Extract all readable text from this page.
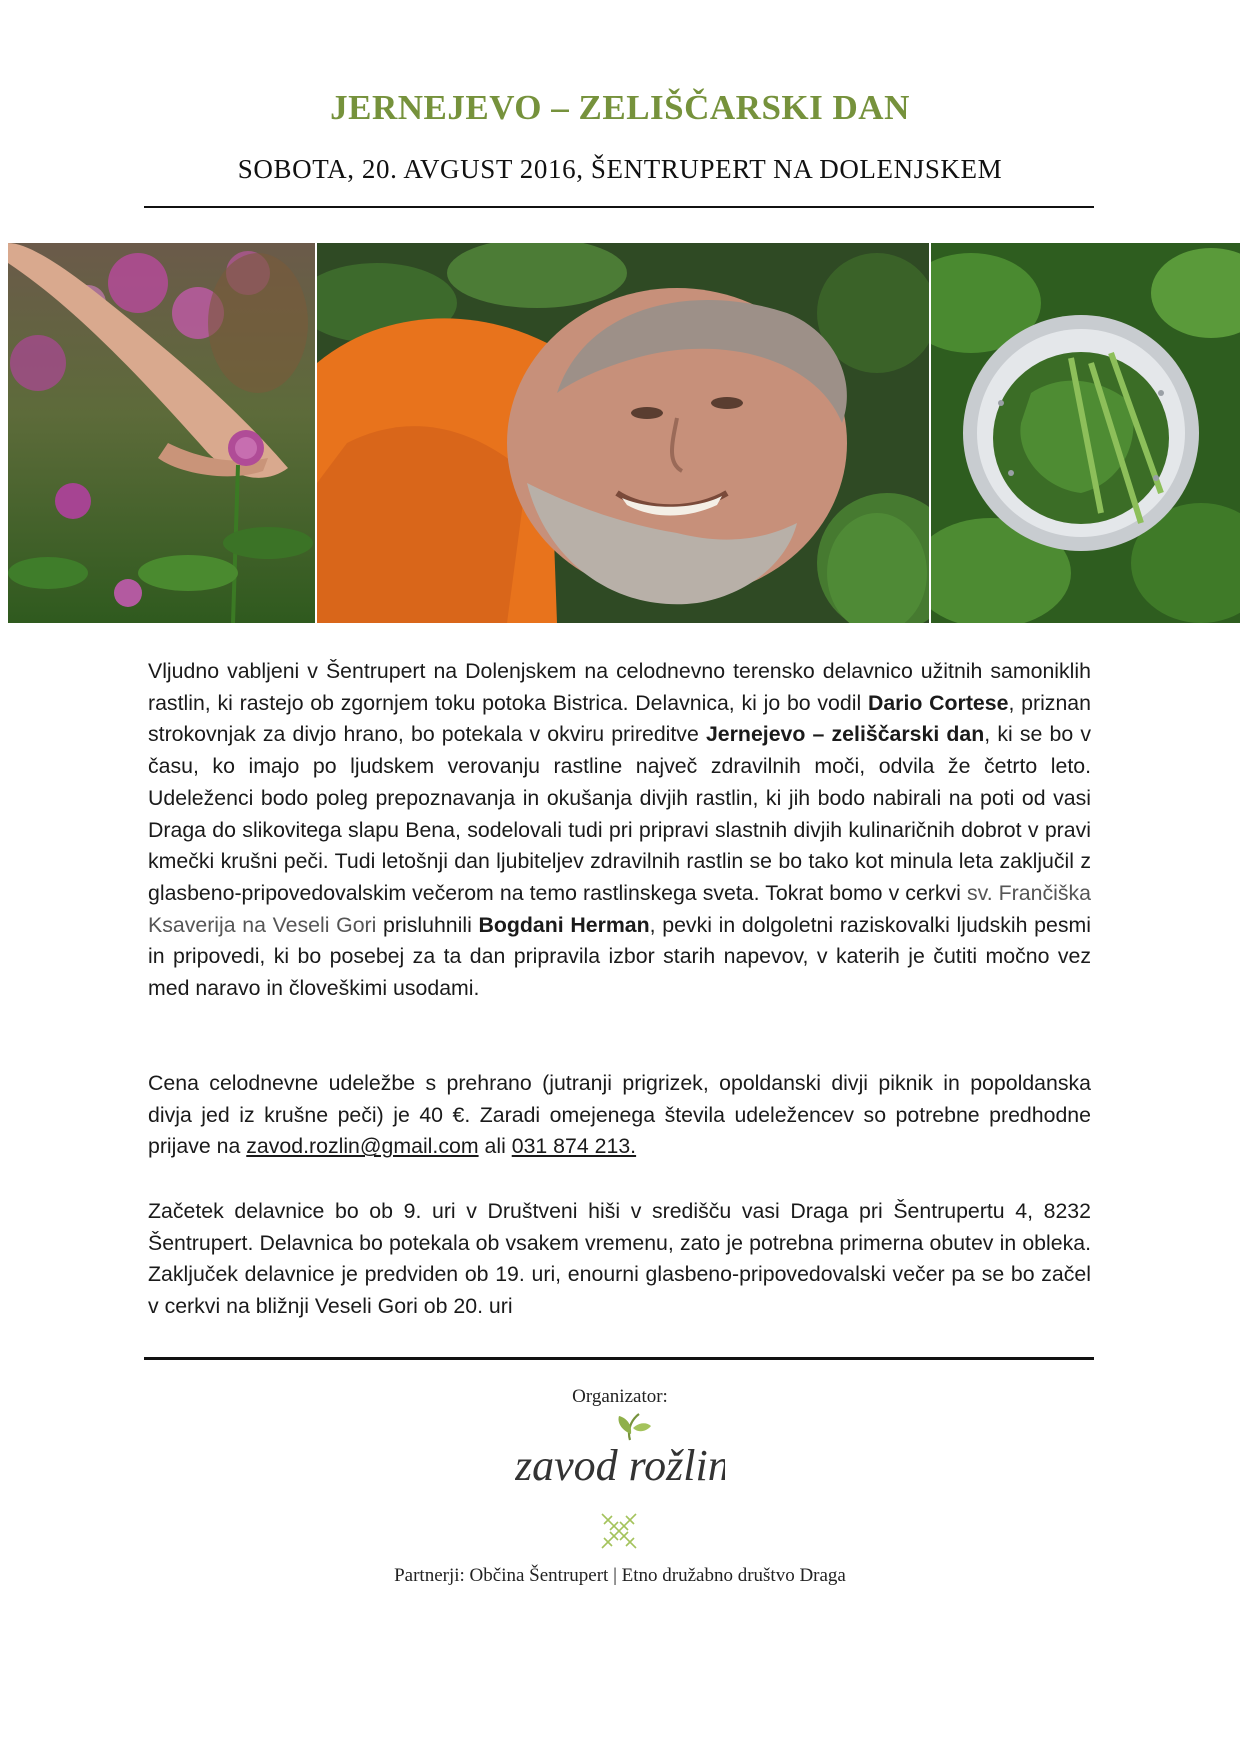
JERNEJEVO – ZELIŠČARSKI DAN
SOBOTA, 20. AVGUST 2016, ŠENTRUPERT NA DOLENJSKEM
Vljudno vabljeni v Šentrupert na Dolenjskem na celodnevno terensko delavnico užitnih samoniklih rastlin, ki rastejo ob zgornjem toku potoka Bistrica. Delavnica, ki jo bo vodil Dario Cortese, priznan strokovnjak za divjo hrano, bo potekala v okviru prireditve Jernejevo – zeliščarski dan, ki se bo v času, ko imajo po ljudskem verovanju rastline največ zdravilnih moči, odvila že četrto leto. Udeleženci bodo poleg prepoznavanja in okušanja divjih rastlin, ki jih bodo nabirali na poti od vasi Draga do slikovitega slapu Bena, sodelovali tudi pri pripravi slastnih divjih kulinaričnih dobrot v pravi kmečki krušni peči. Tudi letošnji dan ljubiteljev zdravilnih rastlin se bo tako kot minula leta zaključil z glasbeno-pripovedovalskim večerom na temo rastlinskega sveta. Tokrat bomo v cerkvi sv. Frančiška Ksaverija na Veseli Gori prisluhnili Bogdani Herman, pevki in dolgoletni raziskovalki ljudskih pesmi in pripovedi, ki bo posebej za ta dan pripravila izbor starih napevov, v katerih je čutiti močno vez med naravo in človeškimi usodami.
Cena celodnevne udeležbe s prehrano (jutranji prigrizek, opoldanski divji piknik in popoldanska divja jed iz krušne peči) je 40 €. Zaradi omejenega števila udeležencev so potrebne predhodne prijave na zavod.rozlin@gmail.com ali 031 874 213.
Začetek delavnice bo ob 9. uri v Društveni hiši v središču vasi Draga pri Šentrupertu 4, 8232 Šentrupert. Delavnica bo potekala ob vsakem vremenu, zato je potrebna primerna obutev in obleka. Zaključek delavnice je predviden ob 19. uri, enourni glasbeno-pripovedovalski večer pa se bo začel v cerkvi na bližnji Veseli Gori ob 20. uri
Organizator:
zavod rožlin
Partnerji: Občina Šentrupert | Etno družabno društvo Draga
